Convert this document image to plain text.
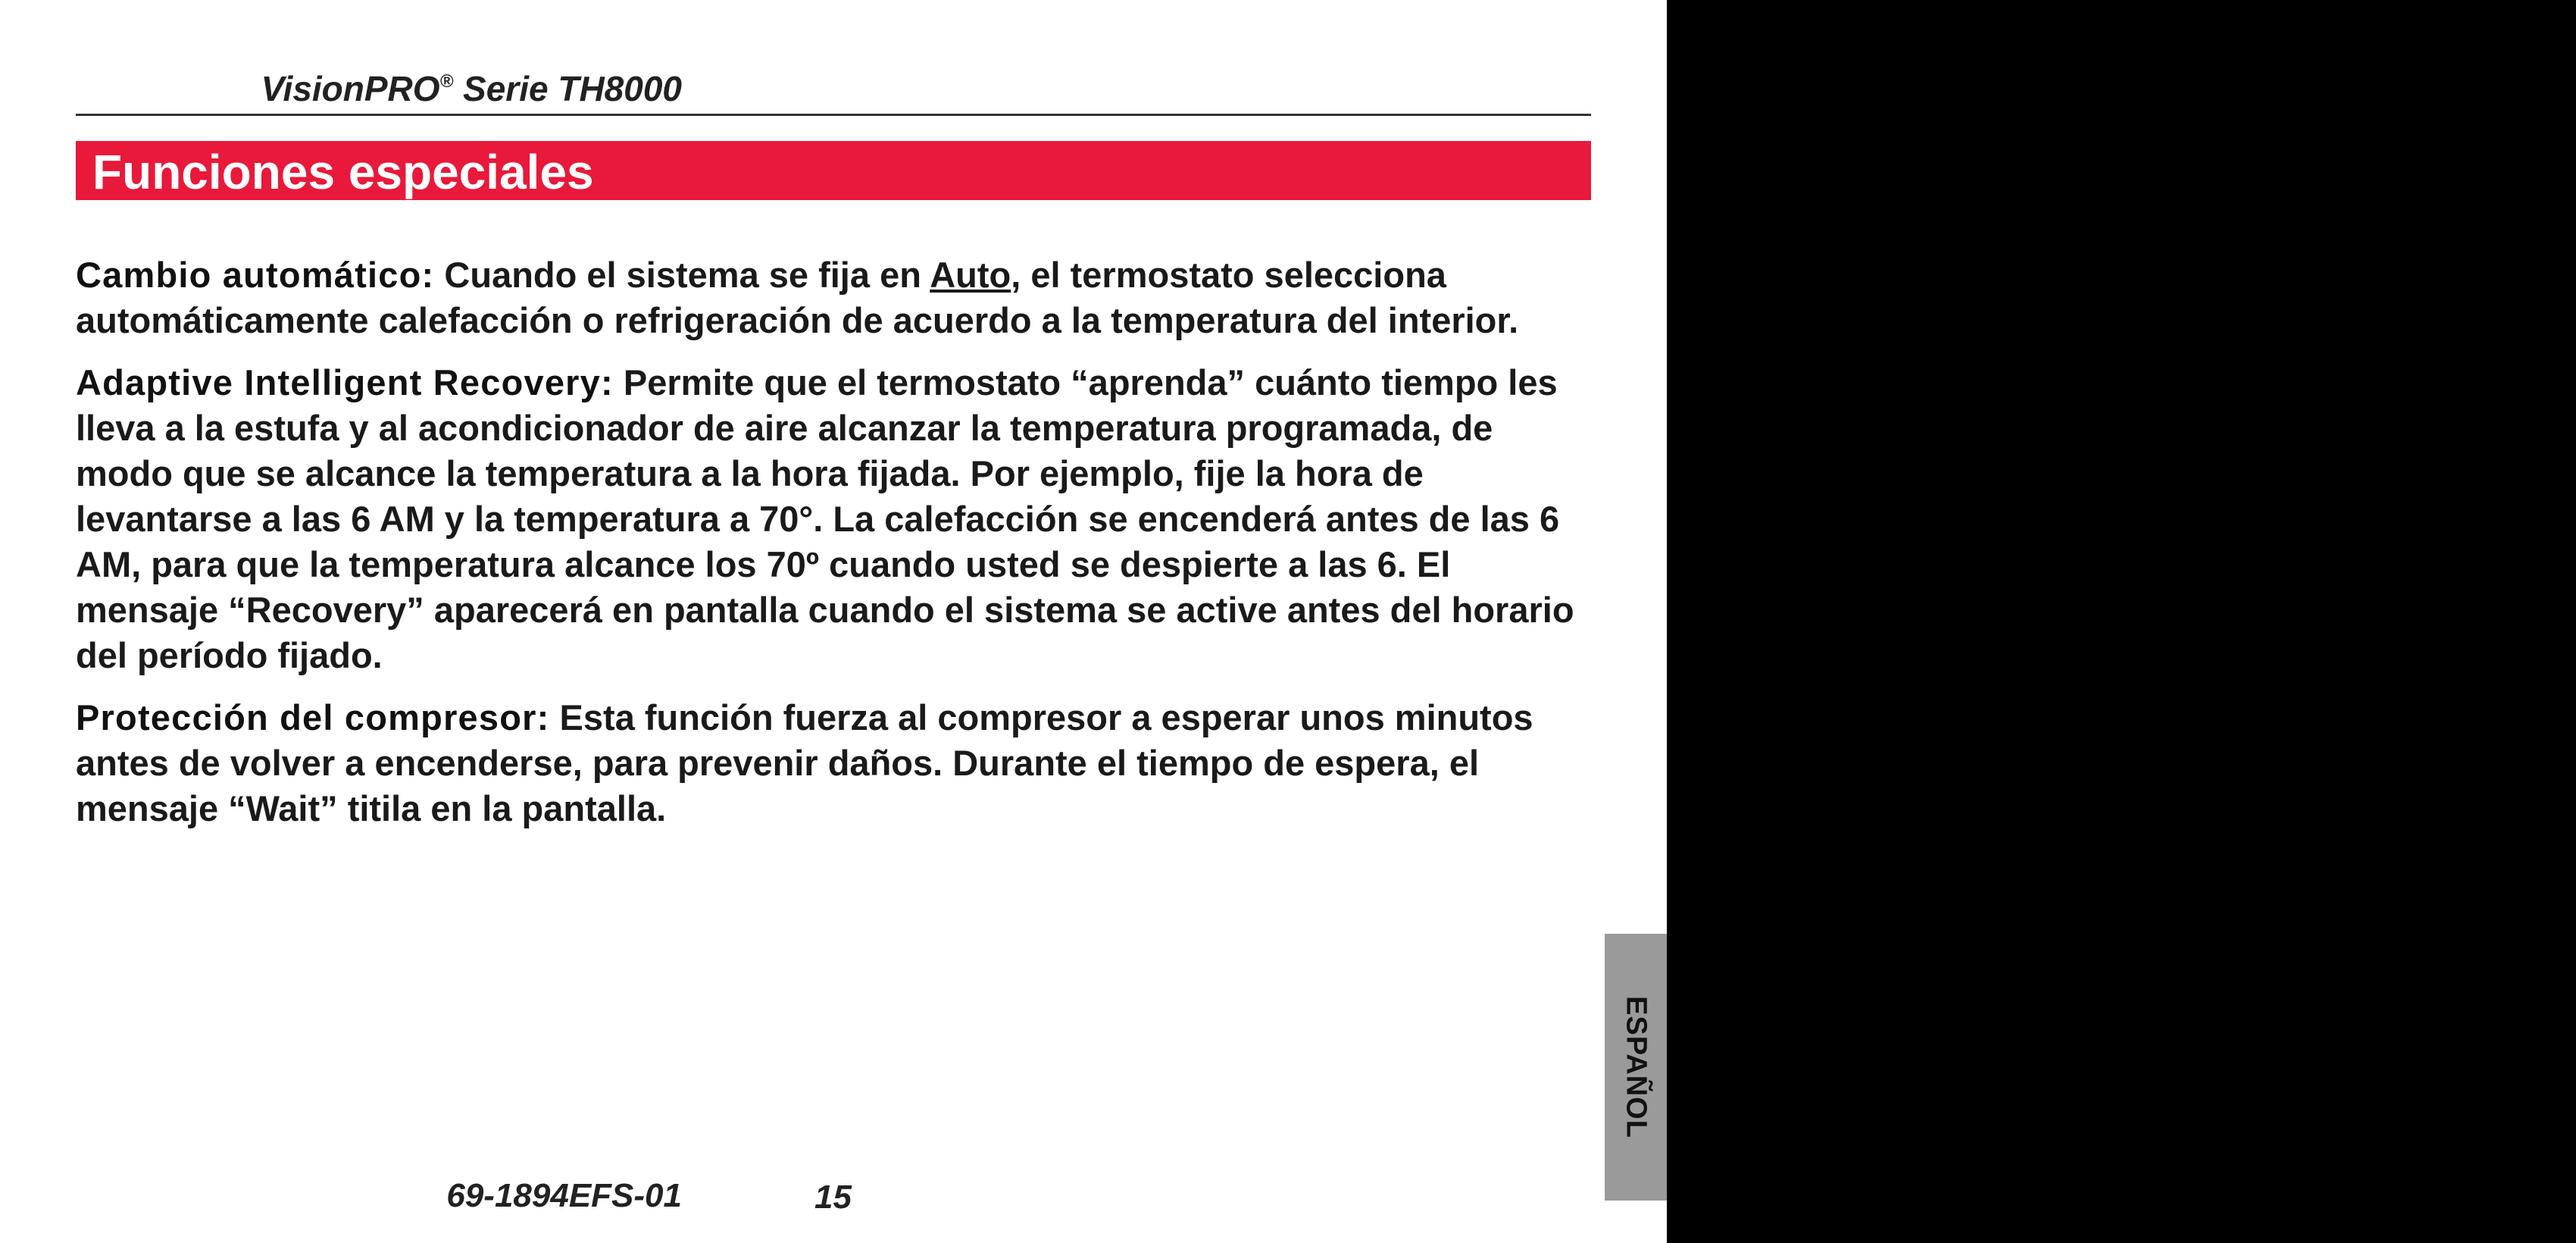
VisionPRO® Serie TH8000
Funciones especiales

Cambio automático: Cuando el sistema se fija en Auto, el termostato selecciona automáticamente calefacción o refrigeración de acuerdo a la temperatura del interior.

Adaptive Intelligent Recovery: Permite que el termostato “aprenda” cuánto tiempo les lleva a la estufa y al acondicionador de aire alcanzar la temperatura programada, de modo que se alcance la temperatura a la hora fijada. Por ejemplo, fije la hora de levantarse a las 6 AM y la temperatura a 70°. La calefacción se encenderá antes de las 6 AM, para que la temperatura alcance los 70º cuando usted se despierte a las 6. El mensaje “Recovery” aparecerá en pantalla cuando el sistema se active antes del horario del período fijado.

Protección del compresor: Esta función fuerza al compresor a esperar unos minutos antes de volver a encenderse, para prevenir daños. Durante el tiempo de espera, el mensaje “Wait” titila en la pantalla.

ESPAÑOL
15
69-1894EFS-01
